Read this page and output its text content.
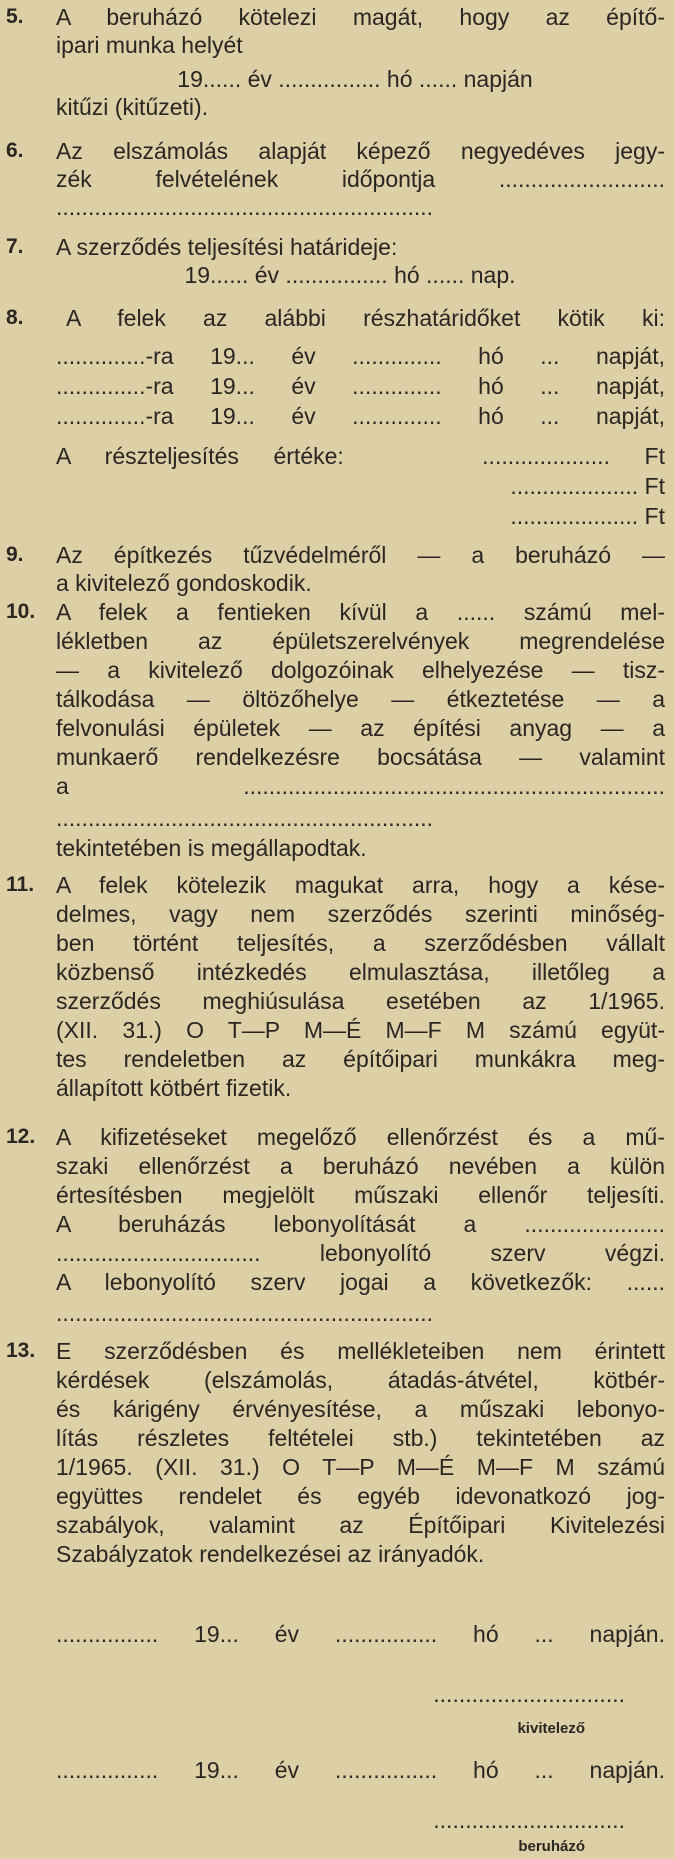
5. A beruházó kötelezi magát, hogy az építő-
ipari munka helyét
19...... év ................ hó ...... napján
kitűzi (kitűzeti).
6. Az elszámolás alapját képező negyedéves jegy-
zék felvételének időpontja ..........................
...........................................................
7. A szerződés teljesítési határideje:
19...... év ................ hó ...... nap.
8. A felek az alábbi részhatáridőket kötik ki:
..............-ra 19... év .............. hó ... napját,
..............-ra 19... év .............. hó ... napját,
..............-ra 19... év .............. hó ... napját,
A részteljesítés értéke:    .................... Ft
.................... Ft
.................... Ft
9. Az építkezés tűzvédelméről — a beruházó —
a kivitelező gondoskodik.
10. A felek a fentieken kívül a ...... számú mel-
lékletben az épületszerelvények megrendelése
— a kivitelező dolgozóinak elhelyezése — tisz-
tálkodása — öltözőhelye — étkeztetése — a
felvonulási épületek — az építési anyag — a
munkaerő rendelkezésre bocsátása — valamint
a ..................................................................
...........................................................
tekintetében is megállapodtak.
11. A felek kötelezik magukat arra, hogy a késе-
delmes, vagy nem szerződés szerinti minőség-
ben történt teljesítés, a szerződésben vállalt
közbenső intézkedés elmulasztása, illetőleg a
szerződés meghiúsulása esetében az 1/1965.
(XII. 31.) O T—P M—É M—F M számú együt-
tes rendeletben az építőipari munkákra meg-
állapított kötbért fizetik.
12. A kifizetéseket megelőző ellenőrzést és a mű-
szaki ellenőrzést a beruházó nevében a külön
értesítésben megjelölt műszaki ellenőr teljesíti.
A beruházás lebonyolítását a ......................
................................ lebonyolító szerv végzi.
A lebonyolító szerv jogai a következők: ......
...........................................................
13. E szerződésben és mellékleteiben nem érintett
kérdések (elszámolás, átadás-átvétel, kötbér-
és kárigény érvényesítése, a műszaki lebonyo-
lítás részletes feltételei stb.) tekintetében az
1/1965. (XII. 31.) O T—P M—É M—F M számú
együttes rendelet és egyéb idevonatkozó jog-
szabályok, valamint az Építőipari Kivitelezési
Szabályzatok rendelkezései az irányadók.
................ 19... év ................ hó ... napján.
..............................
kivitelező
................ 19... év ................ hó ... napján.
..............................
beruházó
